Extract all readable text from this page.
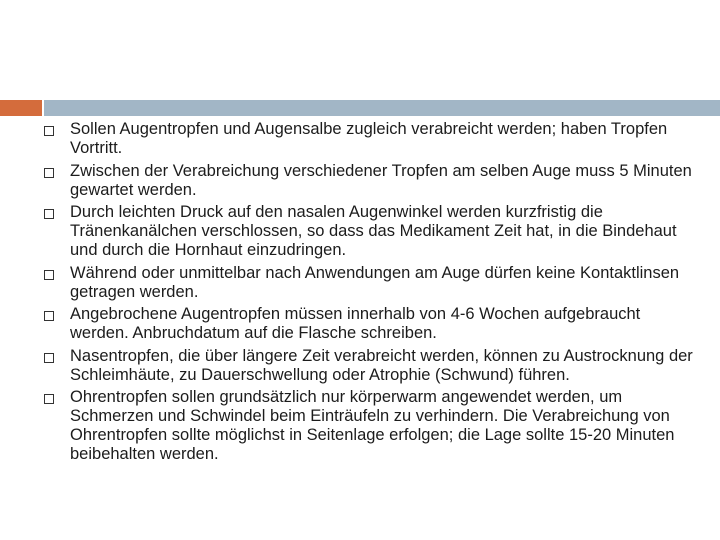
Sollen Augentropfen und Augensalbe zugleich verabreicht werden; haben Tropfen Vortritt.
Zwischen der Verabreichung verschiedener Tropfen am selben Auge muss 5 Minuten gewartet werden.
Durch leichten Druck auf den nasalen Augenwinkel werden kurzfristig die Tränenkanälchen verschlossen, so dass das Medikament Zeit hat, in die Bindehaut und durch die Hornhaut einzudringen.
Während oder unmittelbar nach Anwendungen am Auge dürfen keine Kontaktlinsen getragen werden.
Angebrochene Augentropfen müssen innerhalb von 4-6 Wochen aufgebraucht werden. Anbruchdatum auf die Flasche schreiben.
Nasentropfen, die über längere Zeit verabreicht werden, können zu Austrocknung der Schleimhäute, zu Dauerschwellung oder Atrophie (Schwund) führen.
Ohrentropfen sollen grundsätzlich nur körperwarm angewendet werden, um Schmerzen und Schwindel beim Einträufeln zu verhindern. Die Verabreichung von Ohrentropfen sollte möglichst in Seitenlage erfolgen; die Lage sollte 15-20 Minuten beibehalten werden.
